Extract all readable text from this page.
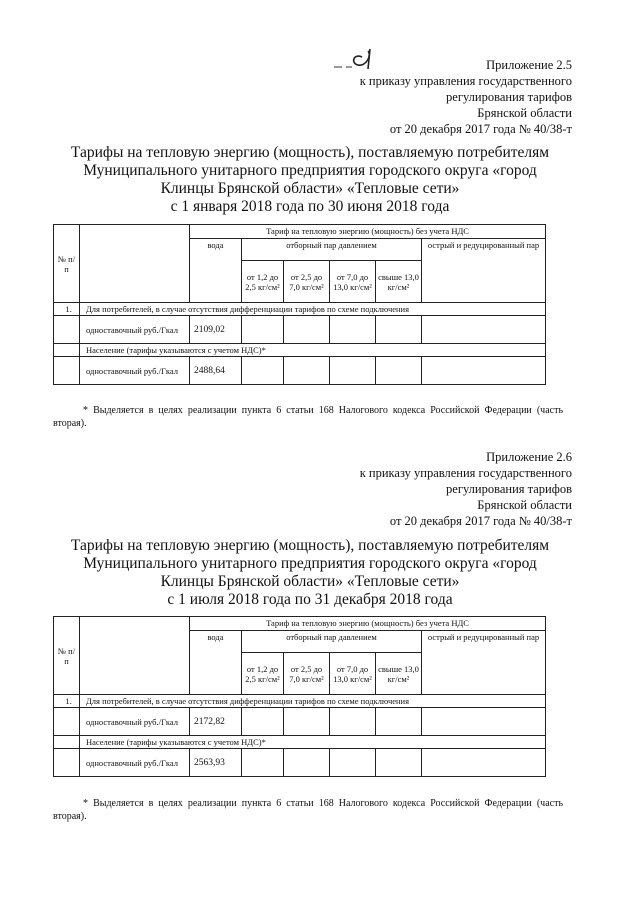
Приложение 2.5
к приказу управления государственного
регулирования тарифов
Брянской области
от 20 декабря 2017 года № 40/38-т
Тарифы на тепловую энергию (мощность), поставляемую потребителям
Муниципального унитарного предприятия городского округа «город
Клинцы Брянской области» «Тепловые сети»
с 1 января 2018 года по 30 июня 2018 года
№ п/п		Тариф на тепловую энергию (мощность) без учета НДС					
		вода	отборный пар давлением				острый и редуцированный пар
			от 1,2 до 2,5 кг/см²	от 2,5 до 7,0 кг/см²	от 7,0 до 13,0 кг/см²	свыше 13,0 кг/см²	
1.	Для потребителей, в случае отсутствия дифференциации тарифов по схеме подключения						
	одноставочный руб./Гкал	2109,02					
	Население (тарифы указываются с учетом НДС)*						
	одноставочный руб./Гкал	2488,64					
* Выделяется в целях реализации пункта 6 статьи 168 Налогового кодекса Российской Федерации (часть вторая).
Приложение 2.6
к приказу управления государственного
регулирования тарифов
Брянской области
от 20 декабря 2017 года № 40/38-т
Тарифы на тепловую энергию (мощность), поставляемую потребителям
Муниципального унитарного предприятия городского округа «город
Клинцы Брянской области» «Тепловые сети»
с 1 июля 2018 года по 31 декабря 2018 года
№ п/п		Тариф на тепловую энергию (мощность) без учета НДС					
		вода	отборный пар давлением				острый и редуцированный пар
			от 1,2 до 2,5 кг/см²	от 2,5 до 7,0 кг/см²	от 7,0 до 13,0 кг/см²	свыше 13,0 кг/см²	
1.	Для потребителей, в случае отсутствия дифференциации тарифов по схеме подключения						
	одноставочный руб./Гкал	2172,82					
	Население (тарифы указываются с учетом НДС)*						
	одноставочный руб./Гкал	2563,93					
* Выделяется в целях реализации пункта 6 статьи 168 Налогового кодекса Российской Федерации (часть вторая).
